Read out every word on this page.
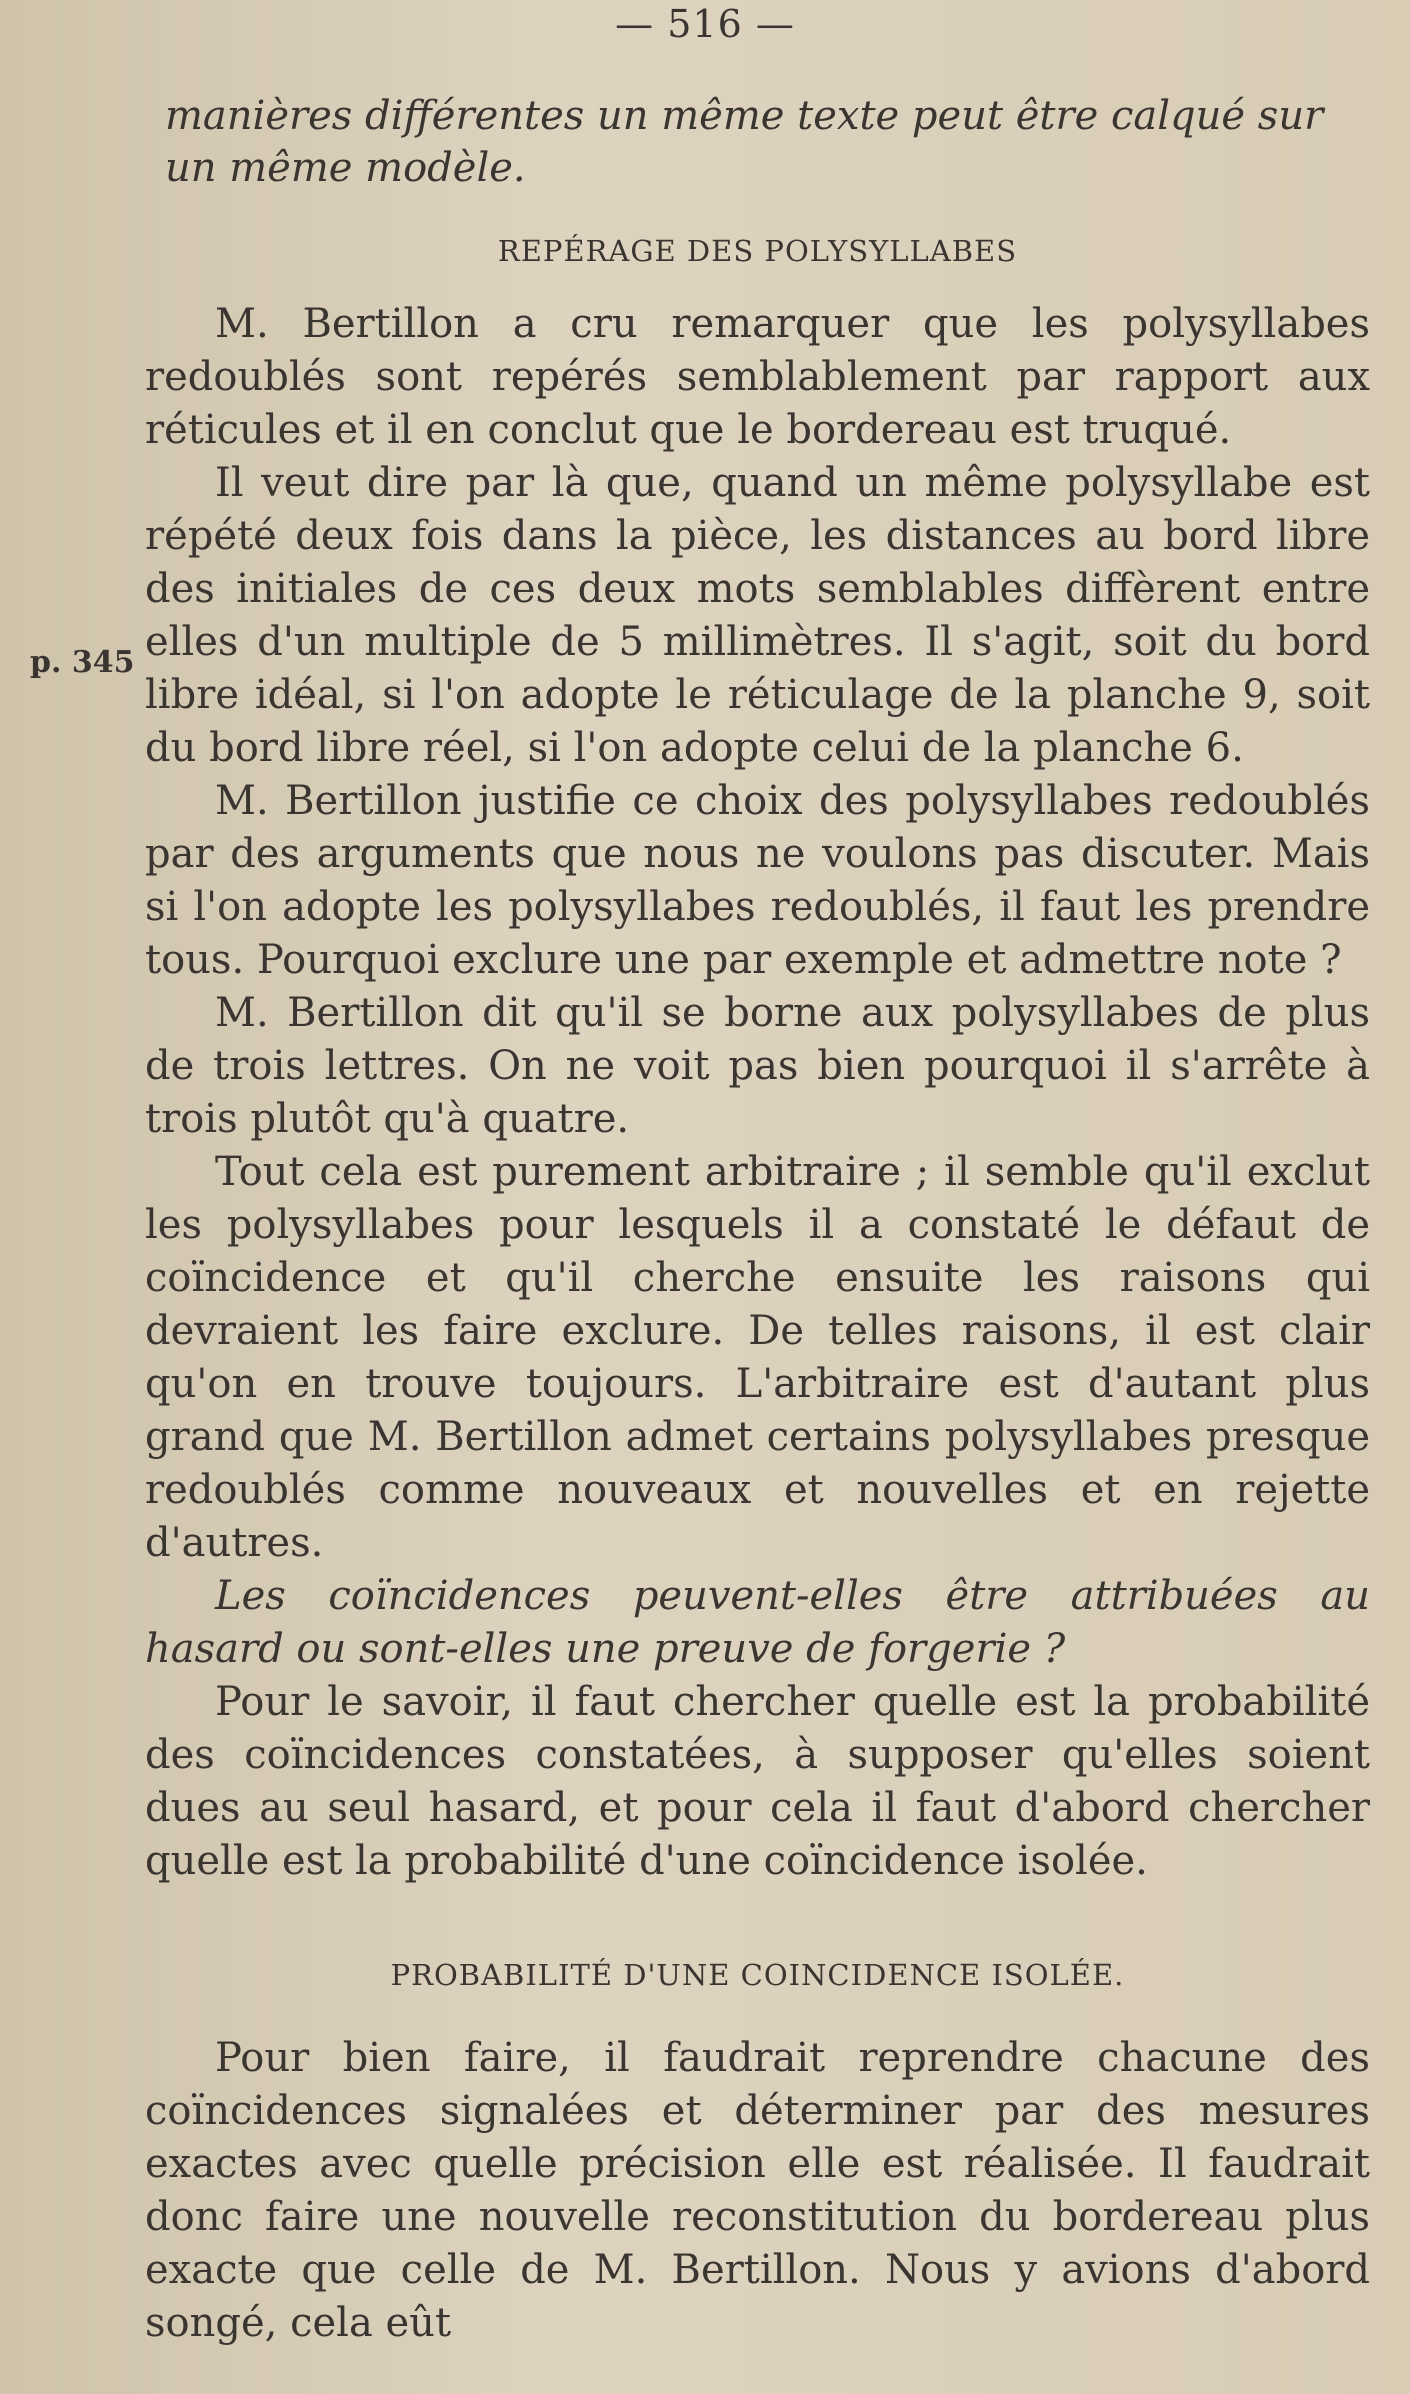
— 516 —
p. 345

manières différentes un même texte peut être calqué sur un même modèle.

REPÉRAGE DES POLYSYLLABES

M. Bertillon a cru remarquer que les polysyllabes redoublés sont repérés semblablement par rapport aux réticules et il en conclut que le bordereau est truqué.

Il veut dire par là que, quand un même polysyllabe est répété deux fois dans la pièce, les distances au bord libre des initiales de ces deux mots semblables diffèrent entre elles d'un multiple de 5 millimètres. Il s'agit, soit du bord libre idéal, si l'on adopte le réticulage de la planche 9, soit du bord libre réel, si l'on adopte celui de la planche 6.

M. Bertillon justifie ce choix des polysyllabes redoublés par des arguments que nous ne voulons pas discuter. Mais si l'on adopte les polysyllabes redoublés, il faut les prendre tous. Pourquoi exclure une par exemple et admettre note ?

M. Bertillon dit qu'il se borne aux polysyllabes de plus de trois lettres. On ne voit pas bien pourquoi il s'arrête à trois plutôt qu'à quatre.

Tout cela est purement arbitraire ; il semble qu'il exclut les polysyllabes pour lesquels il a constaté le défaut de coïncidence et qu'il cherche ensuite les raisons qui devraient les faire exclure. De telles raisons, il est clair qu'on en trouve toujours. L'arbitraire est d'autant plus grand que M. Bertillon admet certains polysyllabes presque redoublés comme nouveaux et nouvelles et en rejette d'autres.

Les coïncidences peuvent-elles être attribuées au hasard ou sont-elles une preuve de forgerie ?

Pour le savoir, il faut chercher quelle est la probabilité des coïncidences constatées, à supposer qu'elles soient dues au seul hasard, et pour cela il faut d'abord chercher quelle est la probabilité d'une coïncidence isolée.

PROBABILITÉ D'UNE COINCIDENCE ISOLÉE.

Pour bien faire, il faudrait reprendre chacune des coïncidences signalées et déterminer par des mesures exactes avec quelle précision elle est réalisée. Il faudrait donc faire une nouvelle reconstitution du bordereau plus exacte que celle de M. Bertillon. Nous y avions d'abord songé, cela eût
